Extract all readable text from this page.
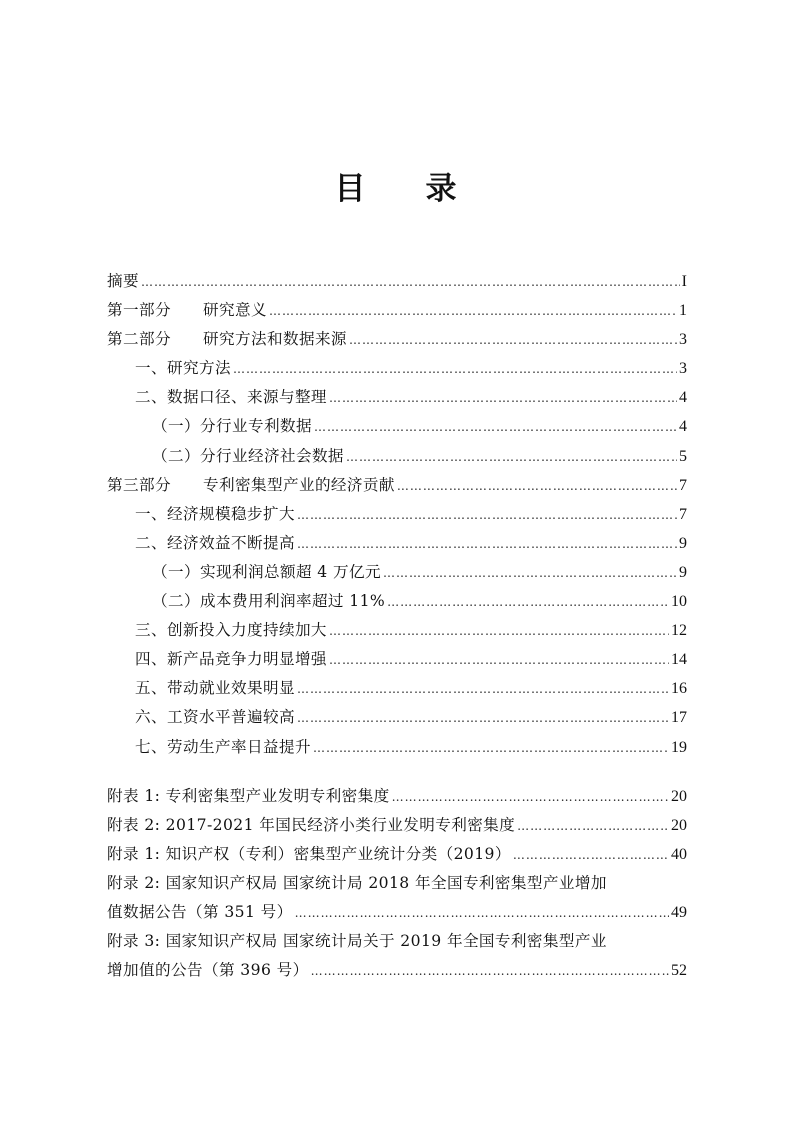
目 录
摘要 …………………………………………………………………………………………………………………………………………………………………………	I
第一部分 研究意义 …………………………………………………………………………………………………………………………………………………………………………	1
第二部分 研究方法和数据来源 …………………………………………………………………………………………………………………………………………………………………………	3
一、研究方法 …………………………………………………………………………………………………………………………………………………………………………	3
二、数据口径、来源与整理 …………………………………………………………………………………………………………………………………………………………………………	4
（一）分行业专利数据 …………………………………………………………………………………………………………………………………………………………………………	4
（二）分行业经济社会数据 …………………………………………………………………………………………………………………………………………………………………………	5
第三部分 专利密集型产业的经济贡献 …………………………………………………………………………………………………………………………………………………………………………	7
一、经济规模稳步扩大 …………………………………………………………………………………………………………………………………………………………………………	7
二、经济效益不断提高 …………………………………………………………………………………………………………………………………………………………………………	9
（一）实现利润总额超 4 万亿元 …………………………………………………………………………………………………………………………………………………………………………	9
（二）成本费用利润率超过 11% …………………………………………………………………………………………………………………………………………………………………………	10
三、创新投入力度持续加大 …………………………………………………………………………………………………………………………………………………………………………	12
四、新产品竞争力明显增强 …………………………………………………………………………………………………………………………………………………………………………	14
五、带动就业效果明显 …………………………………………………………………………………………………………………………………………………………………………	16
六、工资水平普遍较高 …………………………………………………………………………………………………………………………………………………………………………	17
七、劳动生产率日益提升 …………………………………………………………………………………………………………………………………………………………………………	19
附表 1: 专利密集型产业发明专利密集度 …………………………………………………………………………………………………………………………………………………………………………	20
附表 2: 2017-2021 年国民经济小类行业发明专利密集度 …………………………………………………………………………………………………………………………………………………………………………	20
附录 1: 知识产权（专利）密集型产业统计分类（2019） …………………………………………………………………………………………………………………………………………………………………………	40
附录 2: 国家知识产权局 国家统计局 2018 年全国专利密集型产业增加
值数据公告（第 351 号） …………………………………………………………………………………………………………………………………………………………………………	49
附录 3: 国家知识产权局 国家统计局关于 2019 年全国专利密集型产业
增加值的公告（第 396 号） …………………………………………………………………………………………………………………………………………………………………………	52
